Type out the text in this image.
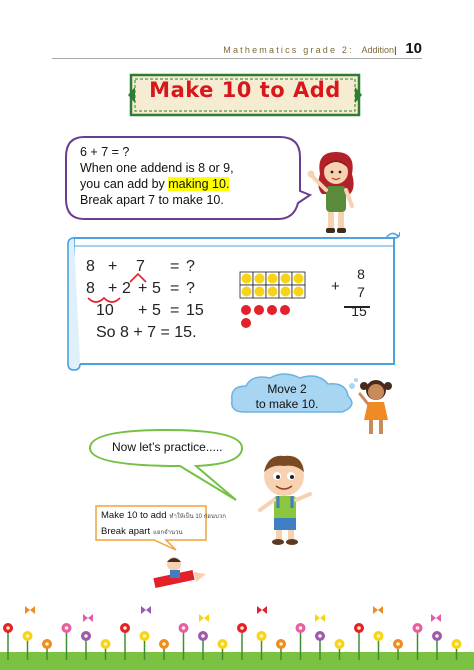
Mathematics grade 2: Addition| 10
Make 10 to Add
6 + 7 = ?
When one addend is 8 or 9,
you can add by making 10.
Break apart 7 to make 10.
8 + 7 = ?
8 + 2 + 5 = ?
10 + 5 = 15
So 8 + 7 = 15.
+
8
7
15
Move 2
to make 10.
Now let’s practice.....
Make 10 to add ทำให้เป็น 10 ก่อนบวก
Break apart แยกจำนวน
